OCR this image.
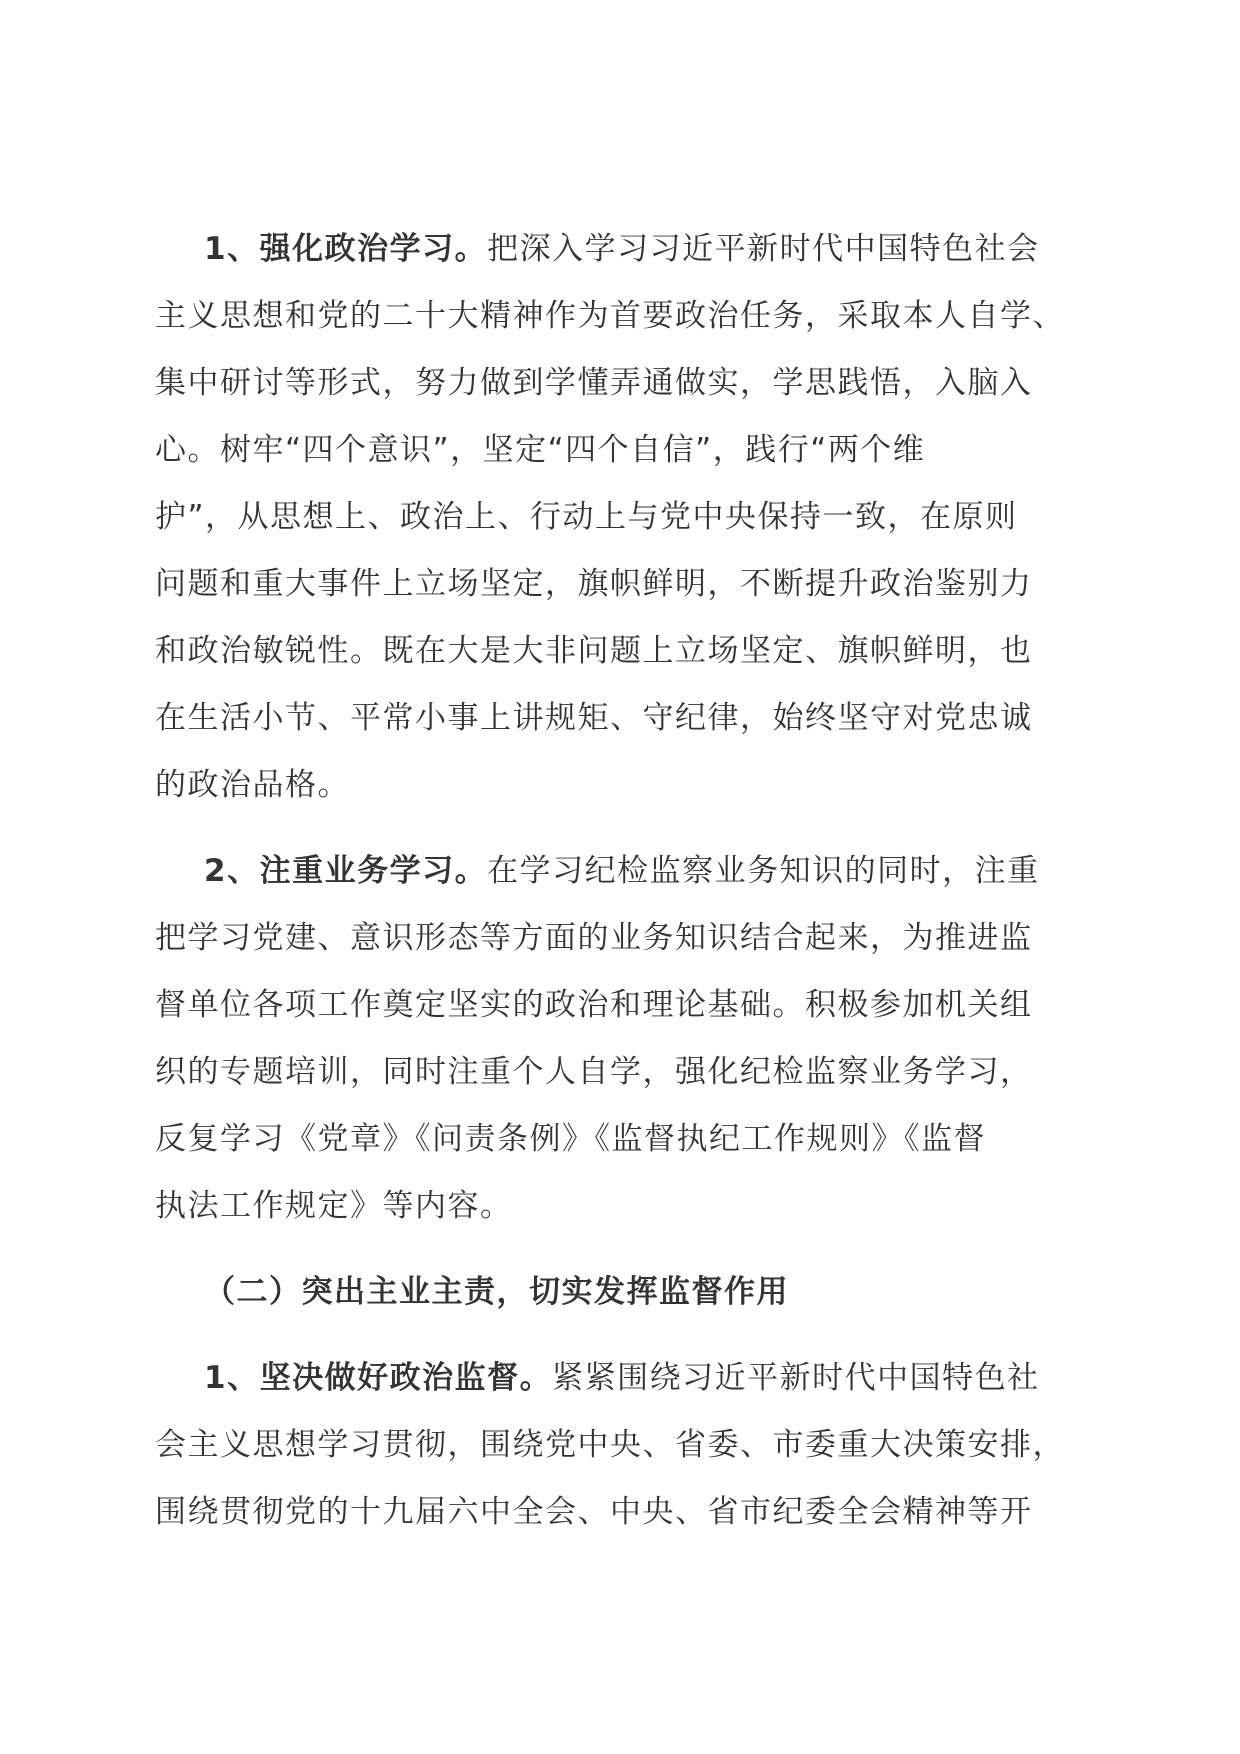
1、强化政治学习。把深入学习习近平新时代中国特色社会
主义思想和党的二十大精神作为首要政治任务，采取本人自学、
集中研讨等形式，努力做到学懂弄通做实，学思践悟，入脑入
心。树牢“四个意识”，坚定“四个自信”，践行“两个维
护”，从思想上、政治上、行动上与党中央保持一致，在原则
问题和重大事件上立场坚定，旗帜鲜明，不断提升政治鉴别力
和政治敏锐性。既在大是大非问题上立场坚定、旗帜鲜明，也
在生活小节、平常小事上讲规矩、守纪律，始终坚守对党忠诚
的政治品格。
2、注重业务学习。在学习纪检监察业务知识的同时，注重
把学习党建、意识形态等方面的业务知识结合起来，为推进监
督单位各项工作奠定坚实的政治和理论基础。积极参加机关组
织的专题培训，同时注重个人自学，强化纪检监察业务学习，
反复学习《党章》《问责条例》《监督执纪工作规则》《监督
执法工作规定》等内容。
（二）突出主业主责，切实发挥监督作用
1、坚决做好政治监督。紧紧围绕习近平新时代中国特色社
会主义思想学习贯彻，围绕党中央、省委、市委重大决策安排，
围绕贯彻党的十九届六中全会、中央、省市纪委全会精神等开
